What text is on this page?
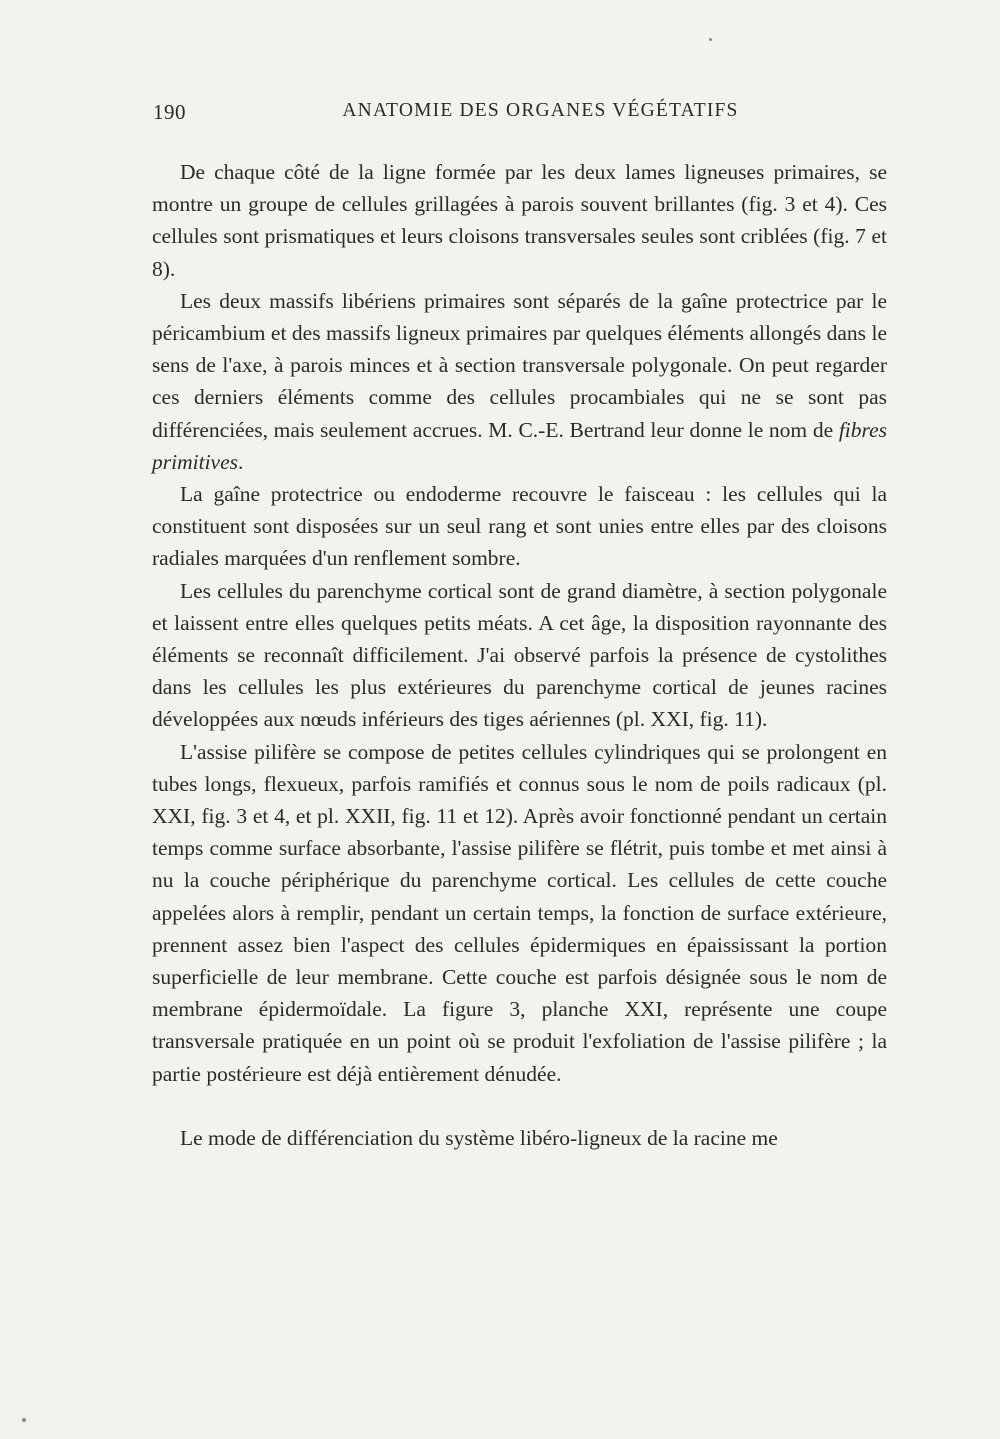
190	ANATOMIE DES ORGANES VÉGÉTATIFS

De chaque côté de la ligne formée par les deux lames ligneuses primaires, se montre un groupe de cellules grillagées à parois souvent brillantes (fig. 3 et 4). Ces cellules sont prismatiques et leurs cloisons transversales seules sont criblées (fig. 7 et 8).

Les deux massifs libériens primaires sont séparés de la gaîne protectrice par le péricambium et des massifs ligneux primaires par quelques éléments allongés dans le sens de l'axe, à parois minces et à section transversale polygonale. On peut regarder ces derniers éléments comme des cellules procambiales qui ne se sont pas différenciées, mais seulement accrues. M. C.-E. Bertrand leur donne le nom de fibres primitives.

La gaîne protectrice ou endoderme recouvre le faisceau : les cellules qui la constituent sont disposées sur un seul rang et sont unies entre elles par des cloisons radiales marquées d'un renflement sombre.

Les cellules du parenchyme cortical sont de grand diamètre, à section polygonale et laissent entre elles quelques petits méats. A cet âge, la disposition rayonnante des éléments se reconnaît difficilement. J'ai observé parfois la présence de cystolithes dans les cellules les plus extérieures du parenchyme cortical de jeunes racines développées aux nœuds inférieurs des tiges aériennes (pl. XXI, fig. 11).

L'assise pilifère se compose de petites cellules cylindriques qui se prolongent en tubes longs, flexueux, parfois ramifiés et connus sous le nom de poils radicaux (pl. XXI, fig. 3 et 4, et pl. XXII, fig. 11 et 12). Après avoir fonctionné pendant un certain temps comme surface absorbante, l'assise pilifère se flétrit, puis tombe et met ainsi à nu la couche périphérique du parenchyme cortical. Les cellules de cette couche appelées alors à remplir, pendant un certain temps, la fonction de surface extérieure, prennent assez bien l'aspect des cellules épidermiques en épaississant la portion superficielle de leur membrane. Cette couche est parfois désignée sous le nom de membrane épidermoïdale. La figure 3, planche XXI, représente une coupe transversale pratiquée en un point où se produit l'exfoliation de l'assise pilifère ; la partie postérieure est déjà entièrement dénudée.

Le mode de différenciation du système libéro-ligneux de la racine me
